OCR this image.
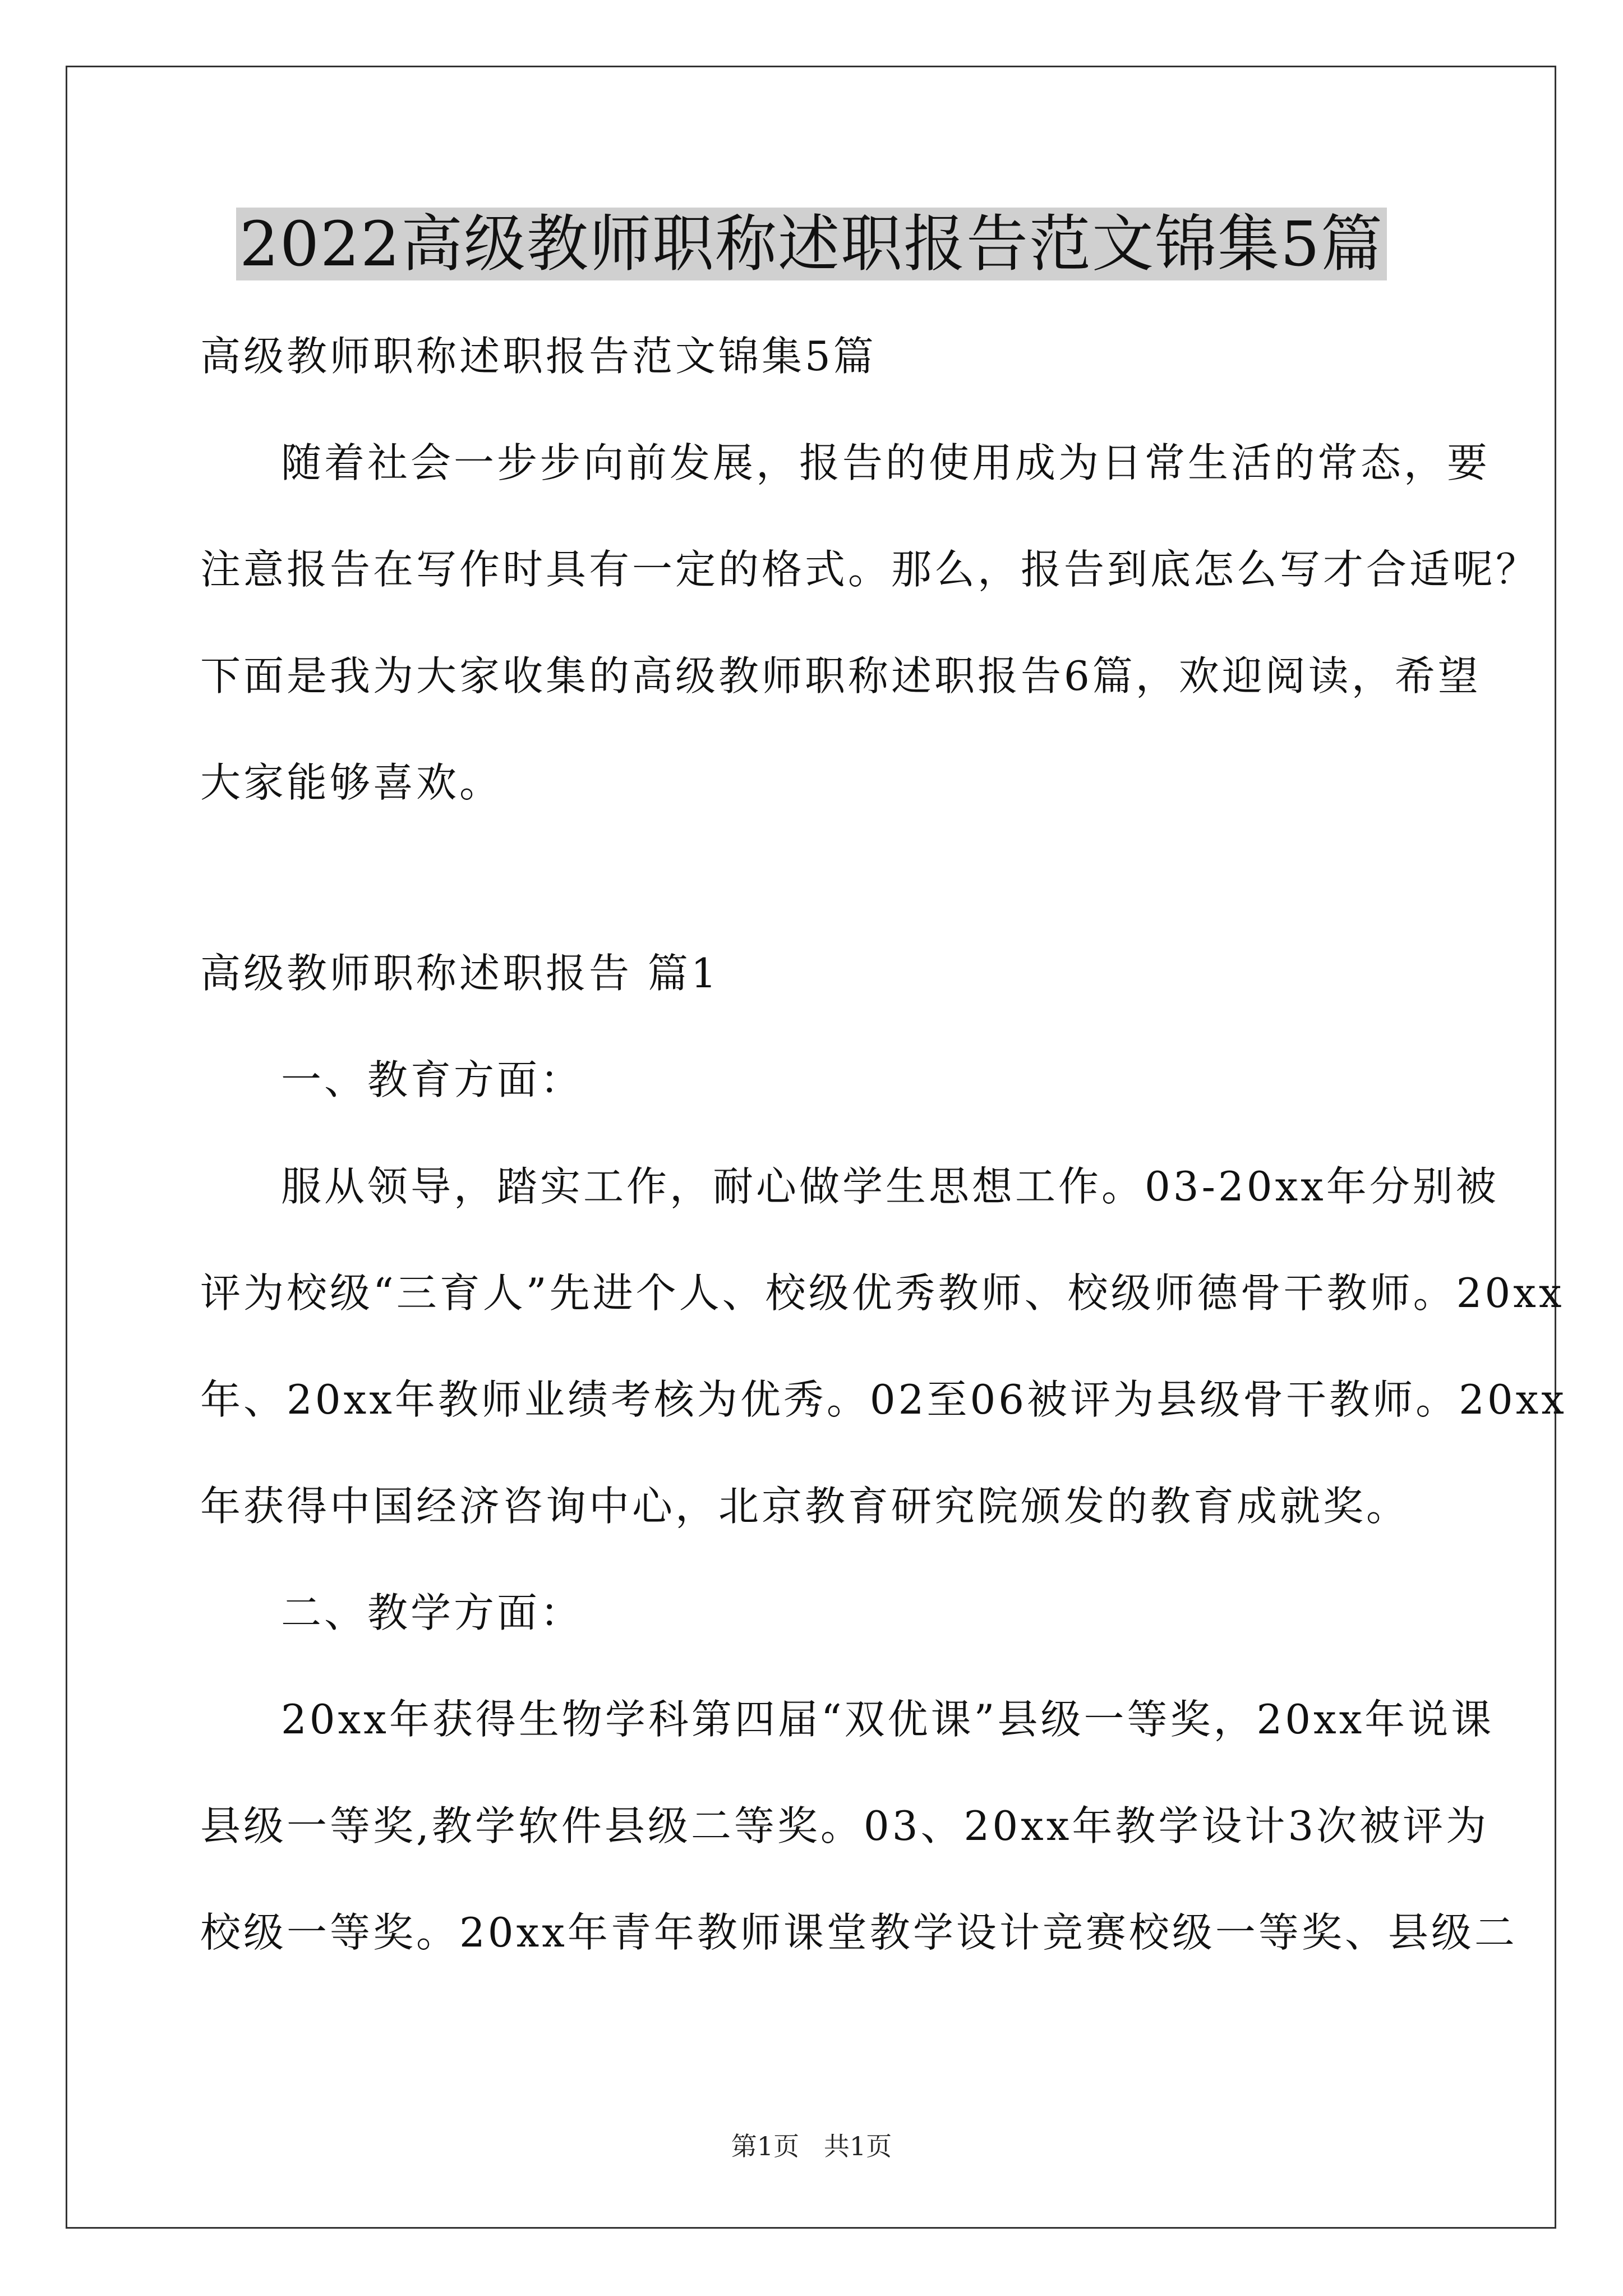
2022高级教师职称述职报告范文锦集5篇
高级教师职称述职报告范文锦集5篇
随着社会一步步向前发展，报告的使用成为日常生活的常态，要
注意报告在写作时具有一定的格式。那么，报告到底怎么写才合适呢？
下面是我为大家收集的高级教师职称述职报告6篇，欢迎阅读，希望
大家能够喜欢。
高级教师职称述职报告 篇1
一、教育方面：
服从领导，踏实工作，耐心做学生思想工作。03-20xx年分别被
评为校级“三育人”先进个人、校级优秀教师、校级师德骨干教师。20xx
年、20xx年教师业绩考核为优秀。02至06被评为县级骨干教师。20xx
年获得中国经济咨询中心，北京教育研究院颁发的教育成就奖。
二、教学方面：
20xx年获得生物学科第四届“双优课”县级一等奖，20xx年说课
县级一等奖,教学软件县级二等奖。03、20xx年教学设计3次被评为
校级一等奖。20xx年青年教师课堂教学设计竞赛校级一等奖、县级二
第1页   共1页
